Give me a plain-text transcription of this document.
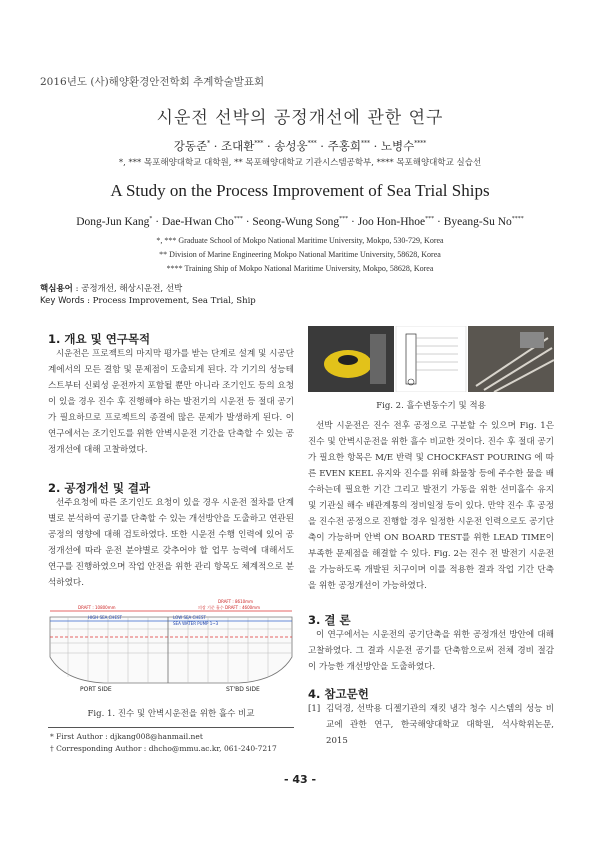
2016년도 (사)해양환경안전학회 추계학술발표회
시운전 선박의 공정개선에 관한 연구
강동준* · 조대환*** · 송성웅*** · 주홍희*** · 노병수****
*, *** 목포해양대학교 대학원, ** 목포해양대학교 기관시스템공학부, **** 목포해양대학교 실습선
A Study on the Process Improvement of Sea Trial Ships
Dong-Jun Kang* · Dae-Hwan Cho*** · Seong-Wung Song*** · Joo Hon-Hhoe*** · Byeang-Su No****
*, *** Graduate School of Mokpo National Maritime University, Mokpo, 530-729, Korea
** Division of Marine Engineering Mokpo National Maritime University, 58628, Korea
**** Training Ship of Mokpo National Maritime University, Mokpo, 58628, Korea
핵심용어 : 공정개선, 해상시운전, 선박
Key Words : Process Improvement, Sea Trial, Ship
1. 개요 및 연구목적
시운전은 프로젝트의 마지막 평가를 받는 단계로 설계 및 시공단계에서의 모든 결함 및 문제점이 도출되게 된다. 각 기기의 성능테스트부터 신뢰성 운전까지 포함될 뿐만 아니라 조기인도 등의 요청이 있을 경우 진수 후 진행해야 하는 발전기의 시운전 등 절대 공기가 필요하므로 프로젝트의 종결에 많은 문제가 발생하게 된다. 이 연구에서는 조기인도를 위한 안벽시운전 기간을 단축할 수 있는 공정개선에 대해 고찰하였다.
2. 공정개선 및 결과
선주요청에 따른 조기인도 요청이 있을 경우 시운전 절차를 단계별로 분석하여 공기를 단축할 수 있는 개선방안을 도출하고 연관된 공정의 영향에 대해 검토하였다. 또한 시운전 수행 인력에 있어 공정개선에 따라 운전 분야별로 갖추어야 할 업무 능력에 대해서도 연구를 진행하였으며 작업 안전을 위한 관리 항목도 체계적으로 분석하였다.
DRAFT : 10800mm
HIGH SEA CHEST	LOW SEA CHEST
SEA WATER PUMP 1~3
DRAFT : 8610mm
의장 기준 흘수 DRAFT : 4600mm
PORT SIDE	ST'BD SIDE
Fig. 1. 진수 및 안벽시운전을 위한 흘수 비교
* First Author : djkang008@hanmail.net
† Corresponding Author : dhcho@mmu.ac.kr, 061-240-7217
Fig. 2. 흘수변동수기 및 적용
선박 시운전은 진수 전후 공정으로 구분할 수 있으며 Fig. 1은 진수 및 안벽시운전을 위한 흘수 비교한 것이다. 진수 후 절대 공기가 필요한 항목은 M/E 반력 및 CHOCKFAST POURING 에 따른 EVEN KEEL 유지와 진수를 위해 화물창 등에 주수한 물을 배수하는데 필요한 기간 그리고 발전기 가동을 위한 선미흘수 유지 및 기관실 해수 배관계통의 정비일정 등이 있다. 만약 진수 후 공정을 진수전 공정으로 진행할 경우 일정한 시운전 인력으로도 공기단축이 가능하며 안벽 ON BOARD TEST를 위한 LEAD TIME이 부족한 문제점을 해결할 수 있다. Fig. 2는 진수 전 발전기 시운전을 가능하도록 개발된 치구이며 이를 적용한 결과 작업 기간 단축을 위한 공정개선이 가능하였다.
3. 결 론
이 연구에서는 시운전의 공기단축을 위한 공정개선 방안에 대해 고찰하였다. 그 결과 시운전 공기를 단축함으로써 전체 경비 절감이 가능한 개선방안을 도출하였다.
4. 참고문헌
[1] 김덕경, 선박용 디젤기관의 재킷 냉각 청수 시스템의 성능 비교에 관한 연구, 한국해양대학교 대학원, 석사학위논문, 2015
- 43 -
